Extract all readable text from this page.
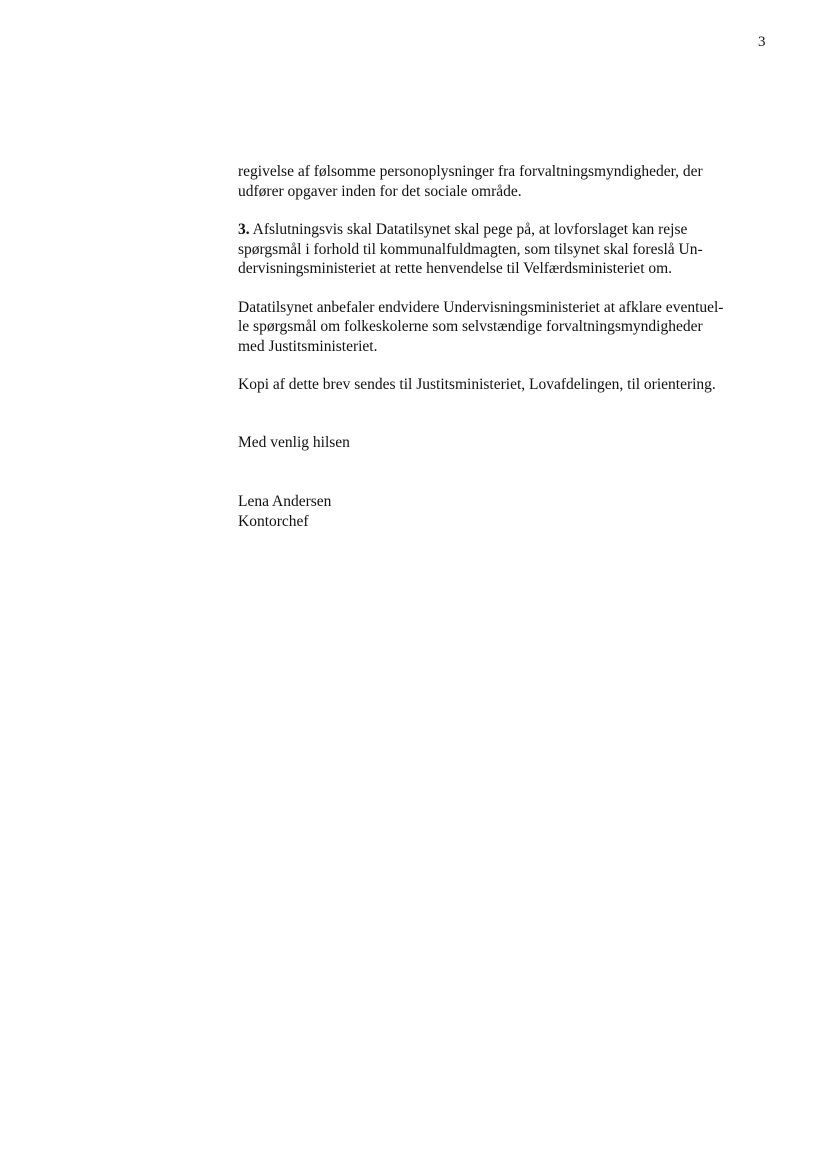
3

regivelse af følsomme personoplysninger fra forvaltningsmyndigheder, der
udfører opgaver inden for det sociale område.

3. Afslutningsvis skal Datatilsynet skal pege på, at lovforslaget kan rejse
spørgsmål i forhold til kommunalfuldmagten, som tilsynet skal foreslå Un-
dervisningsministeriet at rette henvendelse til Velfærdsministeriet om.

Datatilsynet anbefaler endvidere Undervisningsministeriet at afklare eventuel-
le spørgsmål om folkeskolerne som selvstændige forvaltningsmyndigheder
med Justitsministeriet.

Kopi af dette brev sendes til Justitsministeriet, Lovafdelingen, til orientering.

Med venlig hilsen

Lena Andersen
Kontorchef
